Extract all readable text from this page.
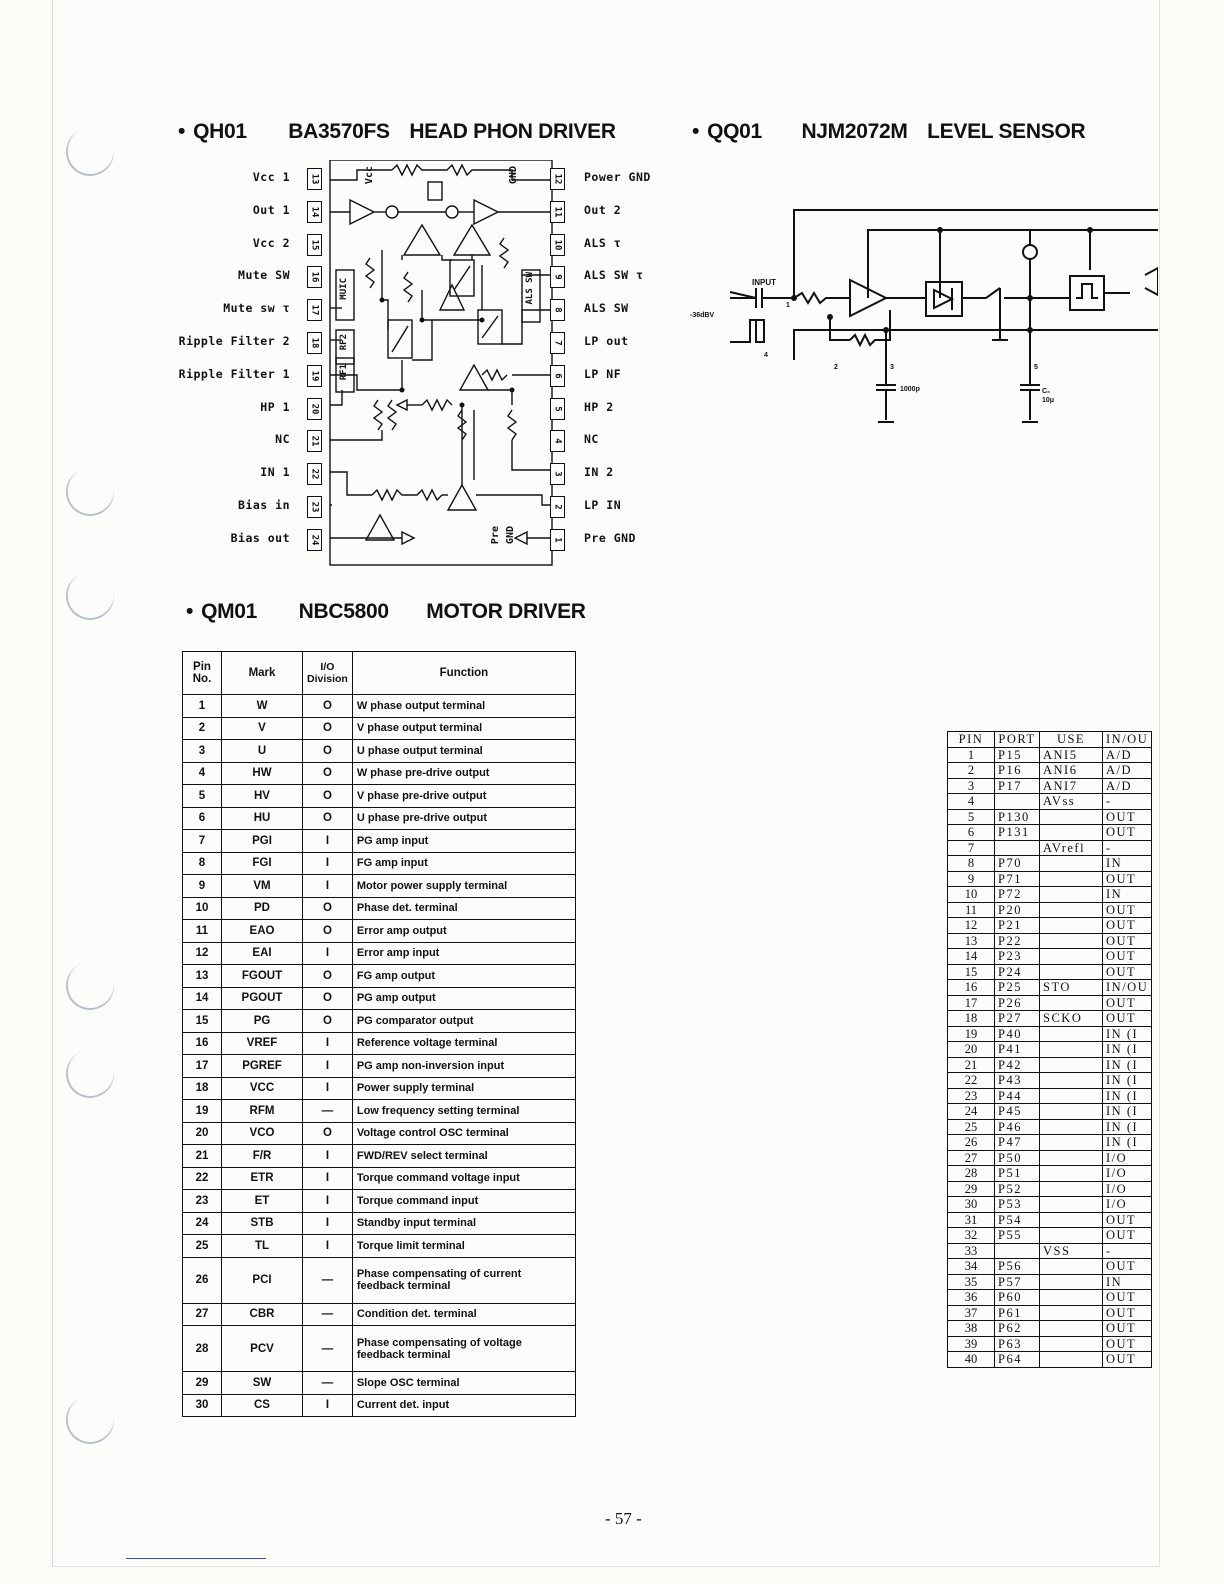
• QH01 BA3570FS HEAD PHON DRIVER	• QQ01 NJM2072M LEVEL SENSOR
• QM01 NBC5800 MOTOR DRIVER
Vcc	GND
MUIC
RF2
RF1
ALS SW
Pre GND
Vcc 1 13	12 Power GND
Out 1 14	11 Out 2
Vcc 2 15	10 ALS τ
Mute SW 16	9 ALS SW τ
Mute sw τ 17	8 ALS SW
Ripple Filter 2 18	7 LP out
Ripple Filter 1 19	6 LP NF
HP 1 20	5 HP 2
NC 21	4 NC
IN 1 22	3 IN 2
Bias in 23	2 LP IN
Bias out 24	1 Pre GND
INPUT
-36dBV
1
2	3
4
5
1000p	C₀
10μ
Pin No.	Mark	I/O Division	Function
1	W	O	W phase output terminal
2	V	O	V phase output terminal
3	U	O	U phase output terminal
4	HW	O	W phase pre-drive output
5	HV	O	V phase pre-drive output
6	HU	O	U phase pre-drive output
7	PGI	I	PG amp input
8	FGI	I	FG amp input
9	VM	I	Motor power supply terminal
10	PD	O	Phase det. terminal
11	EAO	O	Error amp output
12	EAI	I	Error amp input
13	FGOUT	O	FG amp output
14	PGOUT	O	PG amp output
15	PG	O	PG comparator output
16	VREF	I	Reference voltage terminal
17	PGREF	I	PG amp non-inversion input
18	VCC	I	Power supply terminal
19	RFM	—	Low frequency setting terminal
20	VCO	O	Voltage control OSC terminal
21	F/R	I	FWD/REV select terminal
22	ETR	I	Torque command voltage input
23	ET	I	Torque command input
24	STB	I	Standby input terminal
25	TL	I	Torque limit terminal
26	PCI	—	Phase compensating of current feedback terminal
27	CBR	—	Condition det. terminal
28	PCV	—	Phase compensating of voltage feedback terminal
29	SW	—	Slope OSC terminal
30	CS	I	Current det. input
PIN	PORT	USE	IN/OU
1	P15	ANI5	A/D
2	P16	ANI6	A/D
3	P17	ANI7	A/D
4		AVss	-
5	P130		OUT
6	P131		OUT
7		AVrefl	-
8	P70		IN
9	P71		OUT
10	P72		IN
11	P20		OUT
12	P21		OUT
13	P22		OUT
14	P23		OUT
15	P24		OUT
16	P25	STO	IN/OU
17	P26		OUT
18	P27	SCKO	OUT
19	P40		IN (I
20	P41		IN (I
21	P42		IN (I
22	P43		IN (I
23	P44		IN (I
24	P45		IN (I
25	P46		IN (I
26	P47		IN (I
27	P50		I/O
28	P51		I/O
29	P52		I/O
30	P53		I/O
31	P54		OUT
32	P55		OUT
33		VSS	-
34	P56		OUT
35	P57		IN
36	P60		OUT
37	P61		OUT
38	P62		OUT
39	P63		OUT
40	P64		OUT
- 57 -
